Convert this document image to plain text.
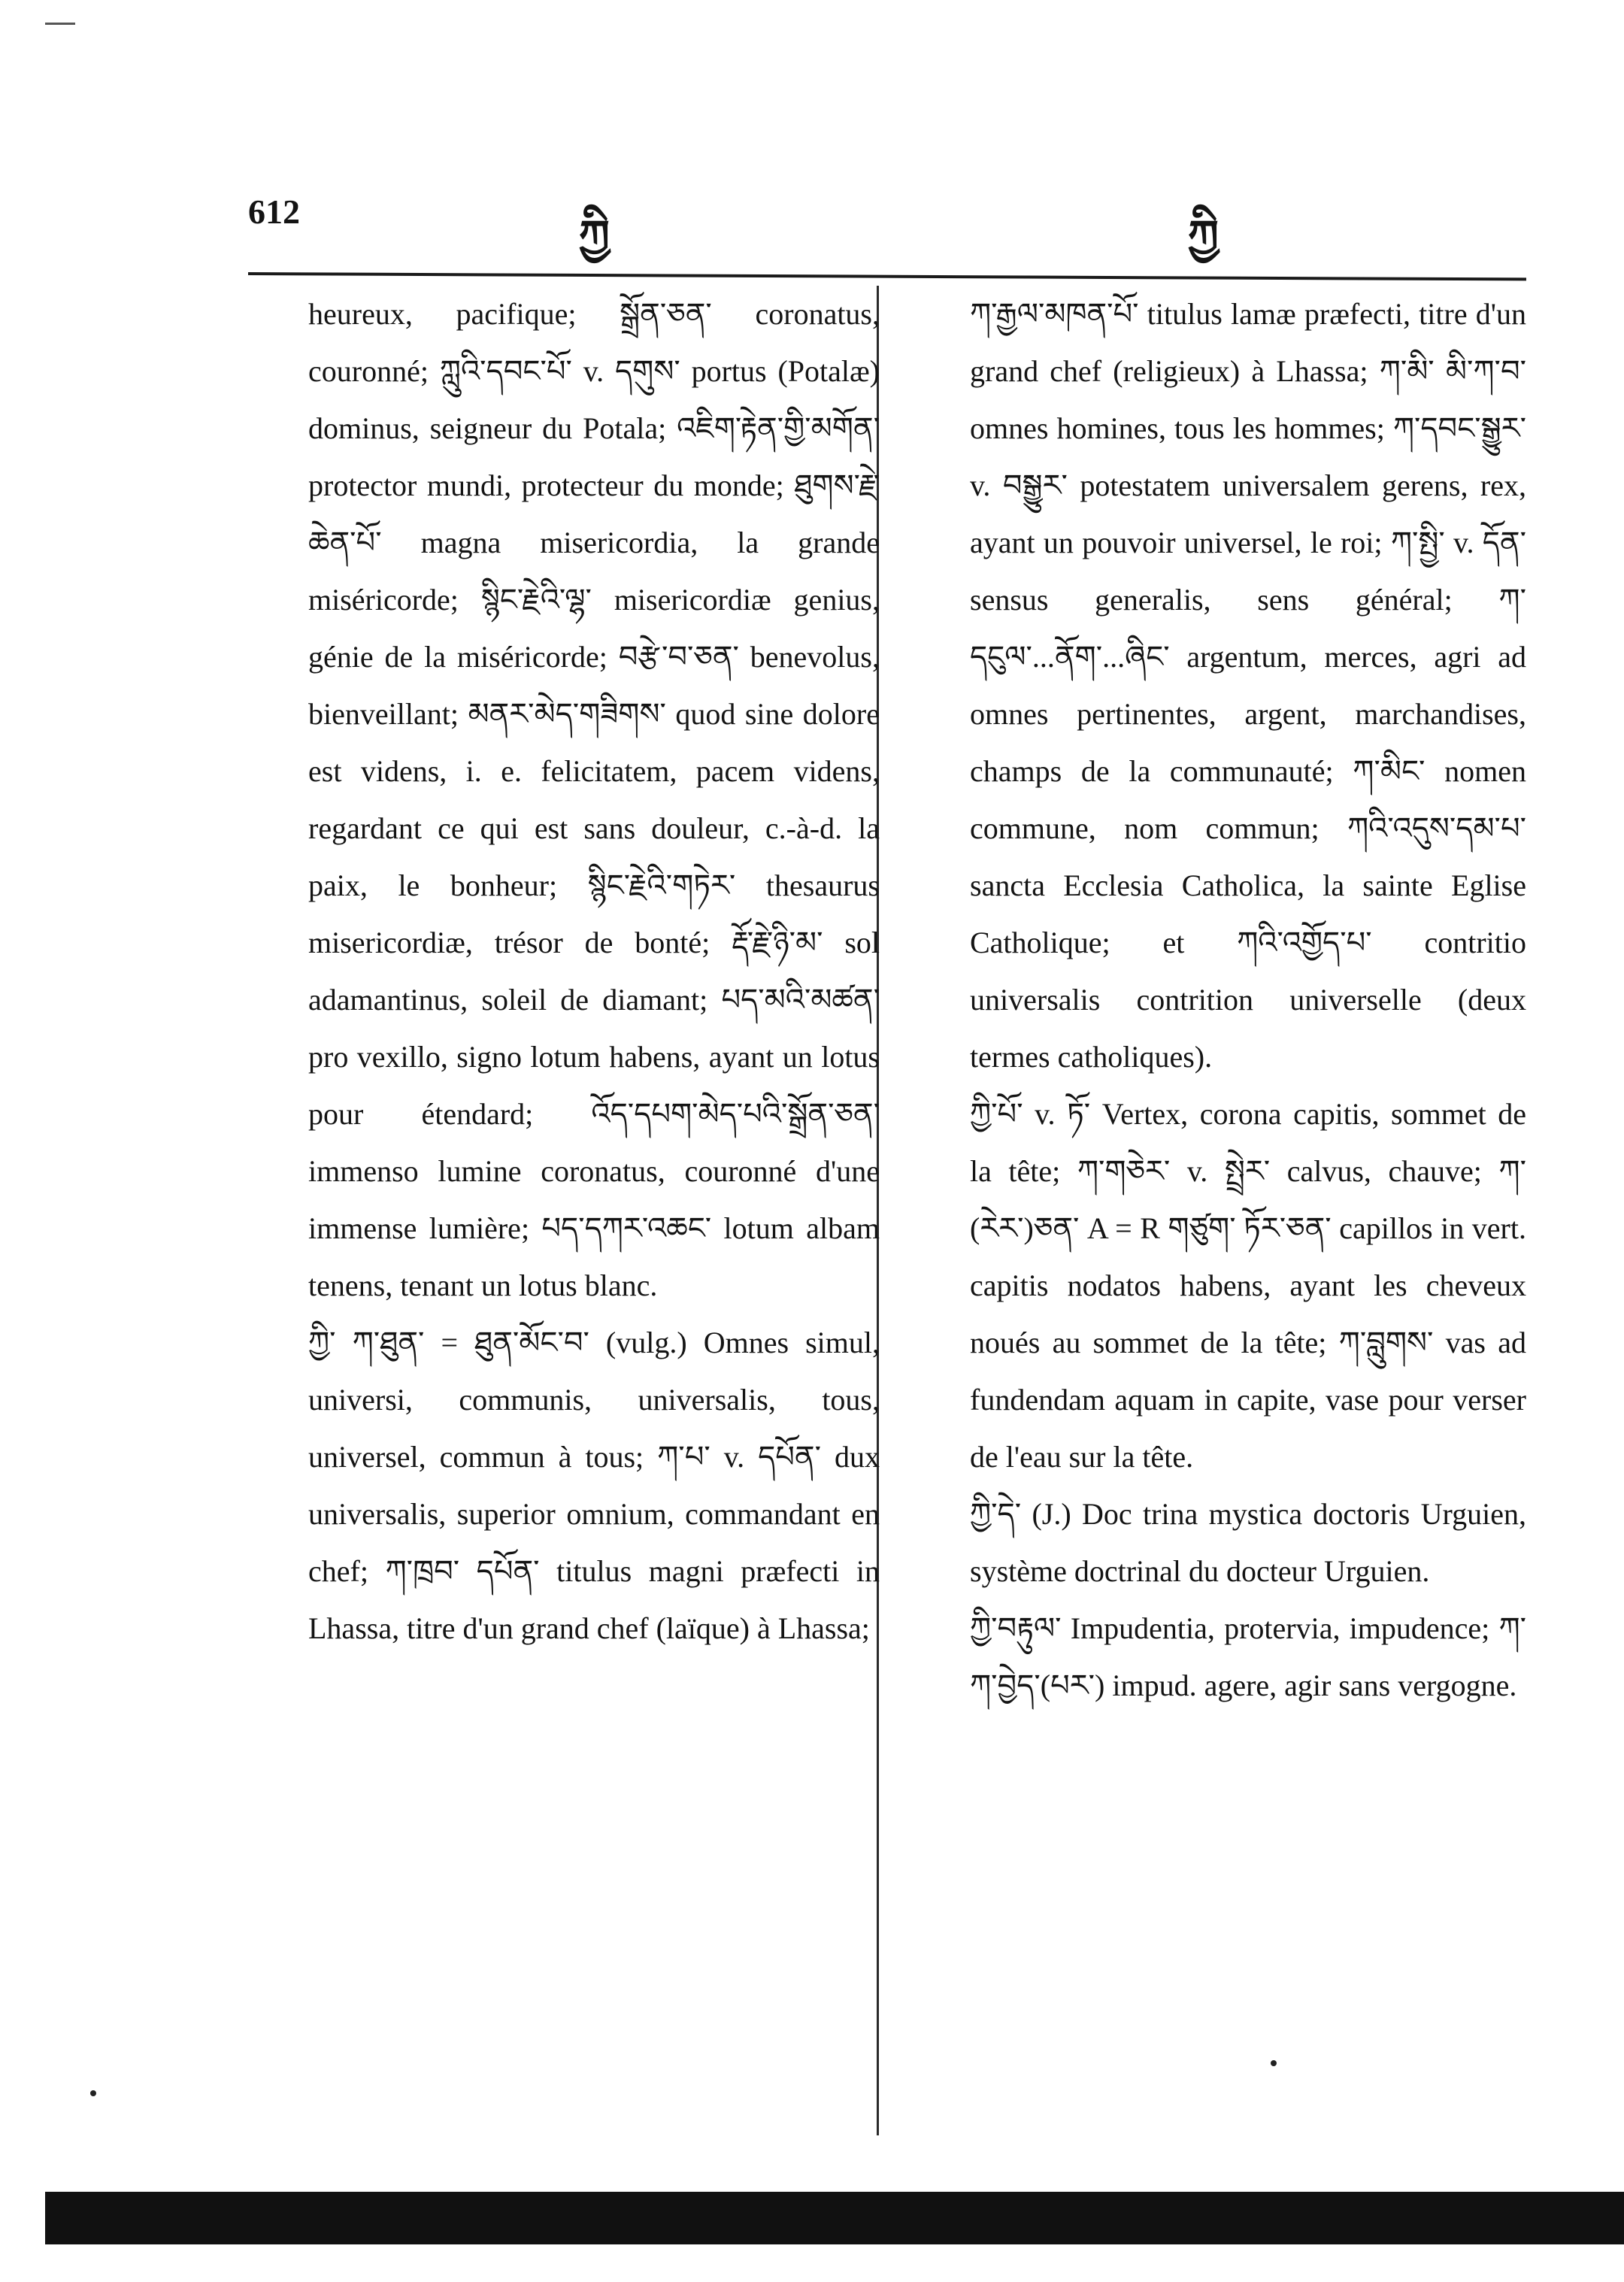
612	ཀྱི	ཀྱི

heureux, pacifique; སྒྲོན་ཅན་ coronatus, couronné; ཀླུའི་དབང་པོ་ v. དགུས་ portus (Potalæ) dominus, seigneur du Potala; འཇིག་རྟེན་གྱི་མགོན་ protector mundi, protecteur du monde; ཐུགས་རྗེ་ཆེན་པོ་ magna misericordia, la grande miséricorde; སྙིང་རྗེའི་ལྷ་ misericordiæ genius, génie de la miséricorde; བརྩེ་བ་ཅན་ benevolus, bienveillant; མནར་མེད་གཟིགས་ quod sine dolore est videns, i. e. felicitatem, pacem videns, regardant ce qui est sans douleur, c.-à-d. la paix, le bonheur; སྙིང་རྗེའི་གཏེར་ thesaurus misericordiæ, trésor de bonté; རྡོ་རྗེ་ཉི་མ་ sol adamantinus, soleil de diamant; པད་མའི་མཚན་ pro vexillo, signo lotum habens, ayant un lotus pour étendard; འོད་དཔག་མེད་པའི་སྒྲོན་ཅན་ immenso lumine coronatus, couronné d'une immense lumière; པད་དཀར་འཆང་ lotum albam tenens, tenant un lotus blanc.

ཀྱི་ ཀ་ཐུན་ = ཐུན་མོང་བ་ (vulg.) Omnes simul, universi, communis, universalis, tous, universel, commun à tous; ཀ་པ་ v. དཔོན་ dux universalis, superior omnium, commandant en chef; ཀ་ཁྲབ་ དཔོན་ titulus magni præfecti in Lhassa, titre d'un grand chef (laïque) à Lhassa;

ཀ་རྒྱལ་མཁན་པོ་ titulus lamæ præfecti, titre d'un grand chef (religieux) à Lhassa; ཀ་མི་ མི་ཀ་བ་ omnes homines, tous les hommes; ཀ་དབང་སྒྱུར་ v. བསྒྱུར་ potestatem universalem gerens, rex, ayant un pouvoir universel, le roi; ཀ་སྤྱི་ v. དོན་ sensus generalis, sens général; ཀ་དངུལ་...ནོག་...ཞིང་ argentum, merces, agri ad omnes pertinentes, argent, marchandises, champs de la communauté; ཀ་མིང་ nomen commune, nom commun; ཀའི་འདུས་དམ་པ་ sancta Ecclesia Catholica, la sainte Eglise Catholique; et ཀའི་འགྱོད་པ་ contritio universalis contrition universelle (deux termes catholiques).

ཀྱི་པོ་ v. ཏོ་ Vertex, corona capitis, sommet de la tête; ཀ་གཅེར་ v. སྤྲེར་ calvus, chauve; ཀ་(རེར་)ཅན་ A = R གཙུག་ ཏོར་ཅན་ capillos in vert. capitis nodatos habens, ayant les cheveux noués au sommet de la tête; ཀ་བླུགས་ vas ad fundendam aquam in capite, vase pour verser de l'eau sur la tête.

ཀྱི་དེ་ (J.) Doc trina mystica doctoris Urguien, système doctrinal du docteur Urguien.

ཀྱི་བརྟུལ་ Impudentia, protervia, impudence; ཀ་ཀ་བྱེད་(པར་) impud. agere, agir sans vergogne.
